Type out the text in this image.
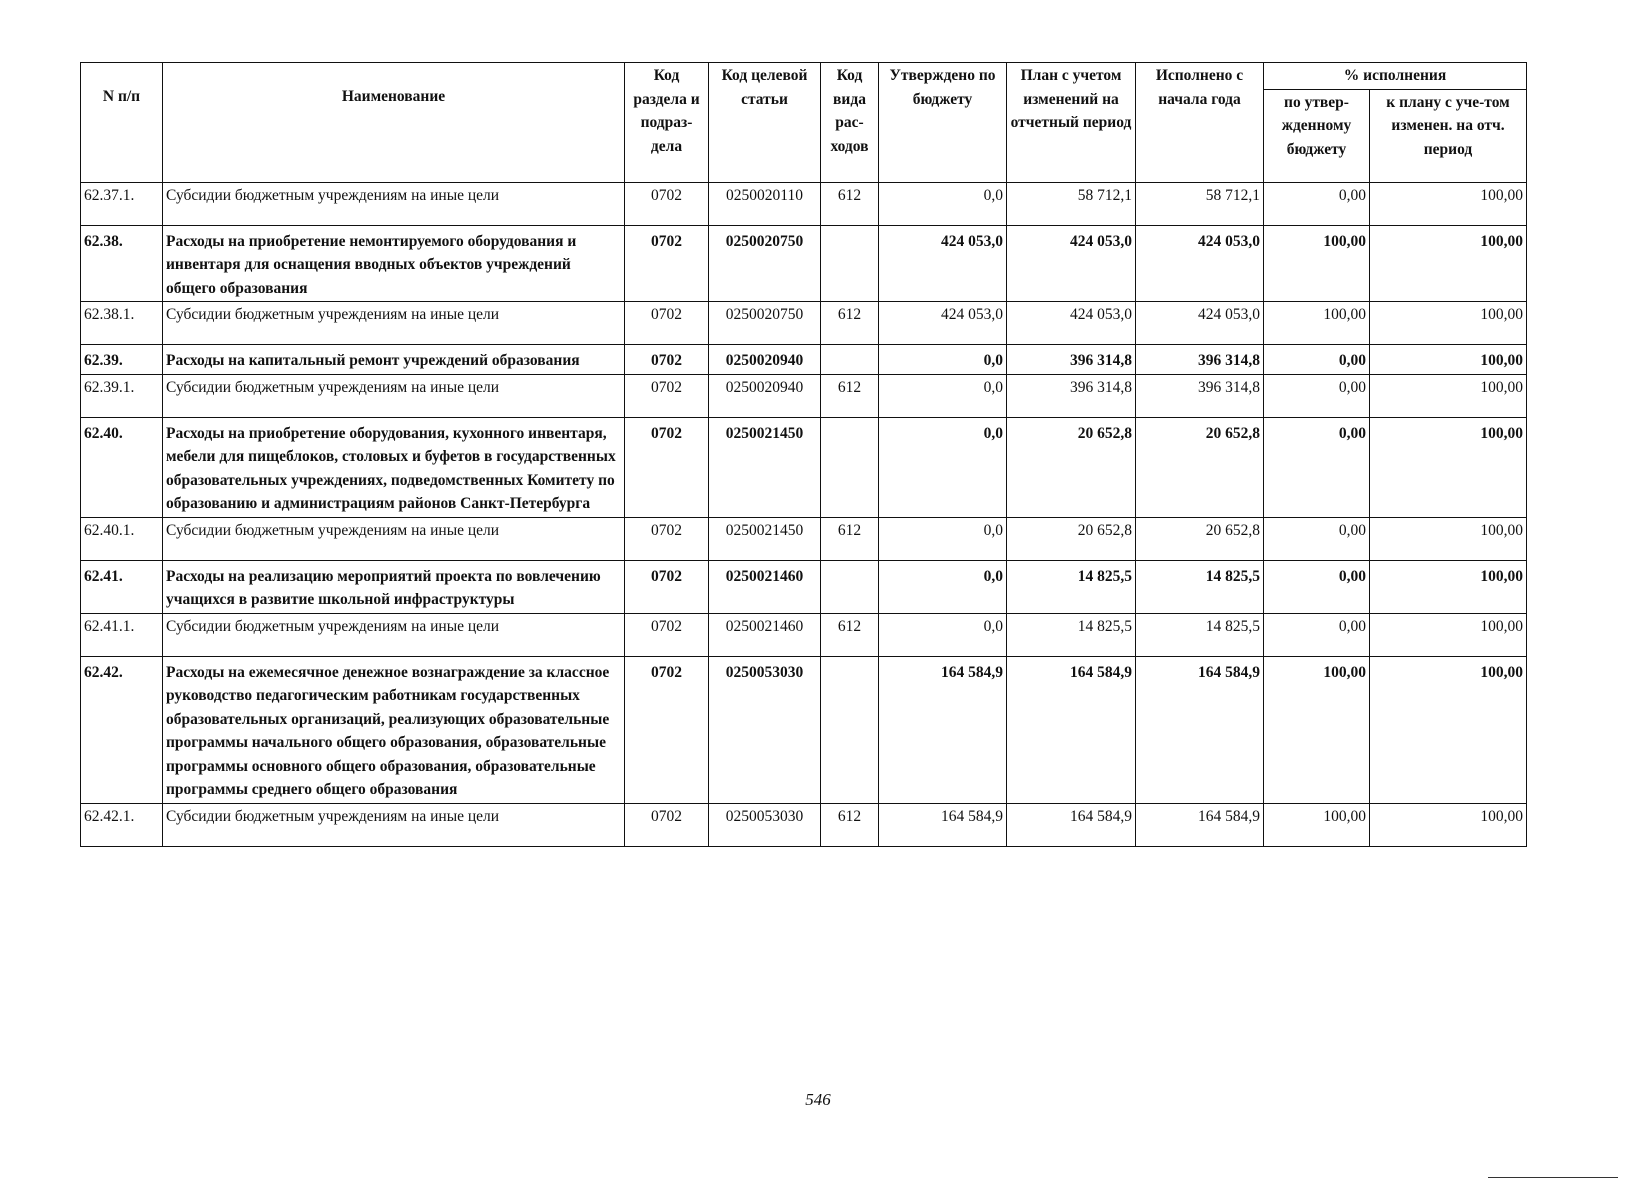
N п/п	Наименование	Код раздела и подраз-дела	Код целевой статьи	Код вида рас-ходов	Утверждено по бюджету	План с учетом изменений на отчетный период	Исполнено с начала года	% исполнения	
								по утвер-жденному бюджету	к плану с уче-том изменен. на отч. период
62.37.1.	Субсидии бюджетным учреждениям на иные цели	0702	0250020110	612	0,0	58 712,1	58 712,1	0,00	100,00
62.38.	Расходы на приобретение немонтируемого оборудования и инвентаря для оснащения вводных объектов учреждений общего образования	0702	0250020750		424 053,0	424 053,0	424 053,0	100,00	100,00
62.38.1.	Субсидии бюджетным учреждениям на иные цели	0702	0250020750	612	424 053,0	424 053,0	424 053,0	100,00	100,00
62.39.	Расходы на капитальный ремонт учреждений образования	0702	0250020940		0,0	396 314,8	396 314,8	0,00	100,00
62.39.1.	Субсидии бюджетным учреждениям на иные цели	0702	0250020940	612	0,0	396 314,8	396 314,8	0,00	100,00
62.40.	Расходы на приобретение оборудования, кухонного инвентаря, мебели для пищеблоков, столовых и буфетов в государственных образовательных учреждениях, подведомственных Комитету по образованию и администрациям районов Санкт-Петербурга	0702	0250021450		0,0	20 652,8	20 652,8	0,00	100,00
62.40.1.	Субсидии бюджетным учреждениям на иные цели	0702	0250021450	612	0,0	20 652,8	20 652,8	0,00	100,00
62.41.	Расходы на реализацию мероприятий проекта по вовлечению учащихся в развитие школьной инфраструктуры	0702	0250021460		0,0	14 825,5	14 825,5	0,00	100,00
62.41.1.	Субсидии бюджетным учреждениям на иные цели	0702	0250021460	612	0,0	14 825,5	14 825,5	0,00	100,00
62.42.	Расходы на ежемесячное денежное вознаграждение за классное руководство педагогическим работникам государственных образовательных организаций, реализующих образовательные программы начального общего образования, образовательные программы основного общего образования, образовательные программы среднего общего образования	0702	0250053030		164 584,9	164 584,9	164 584,9	100,00	100,00
62.42.1.	Субсидии бюджетным учреждениям на иные цели	0702	0250053030	612	164 584,9	164 584,9	164 584,9	100,00	100,00
546
